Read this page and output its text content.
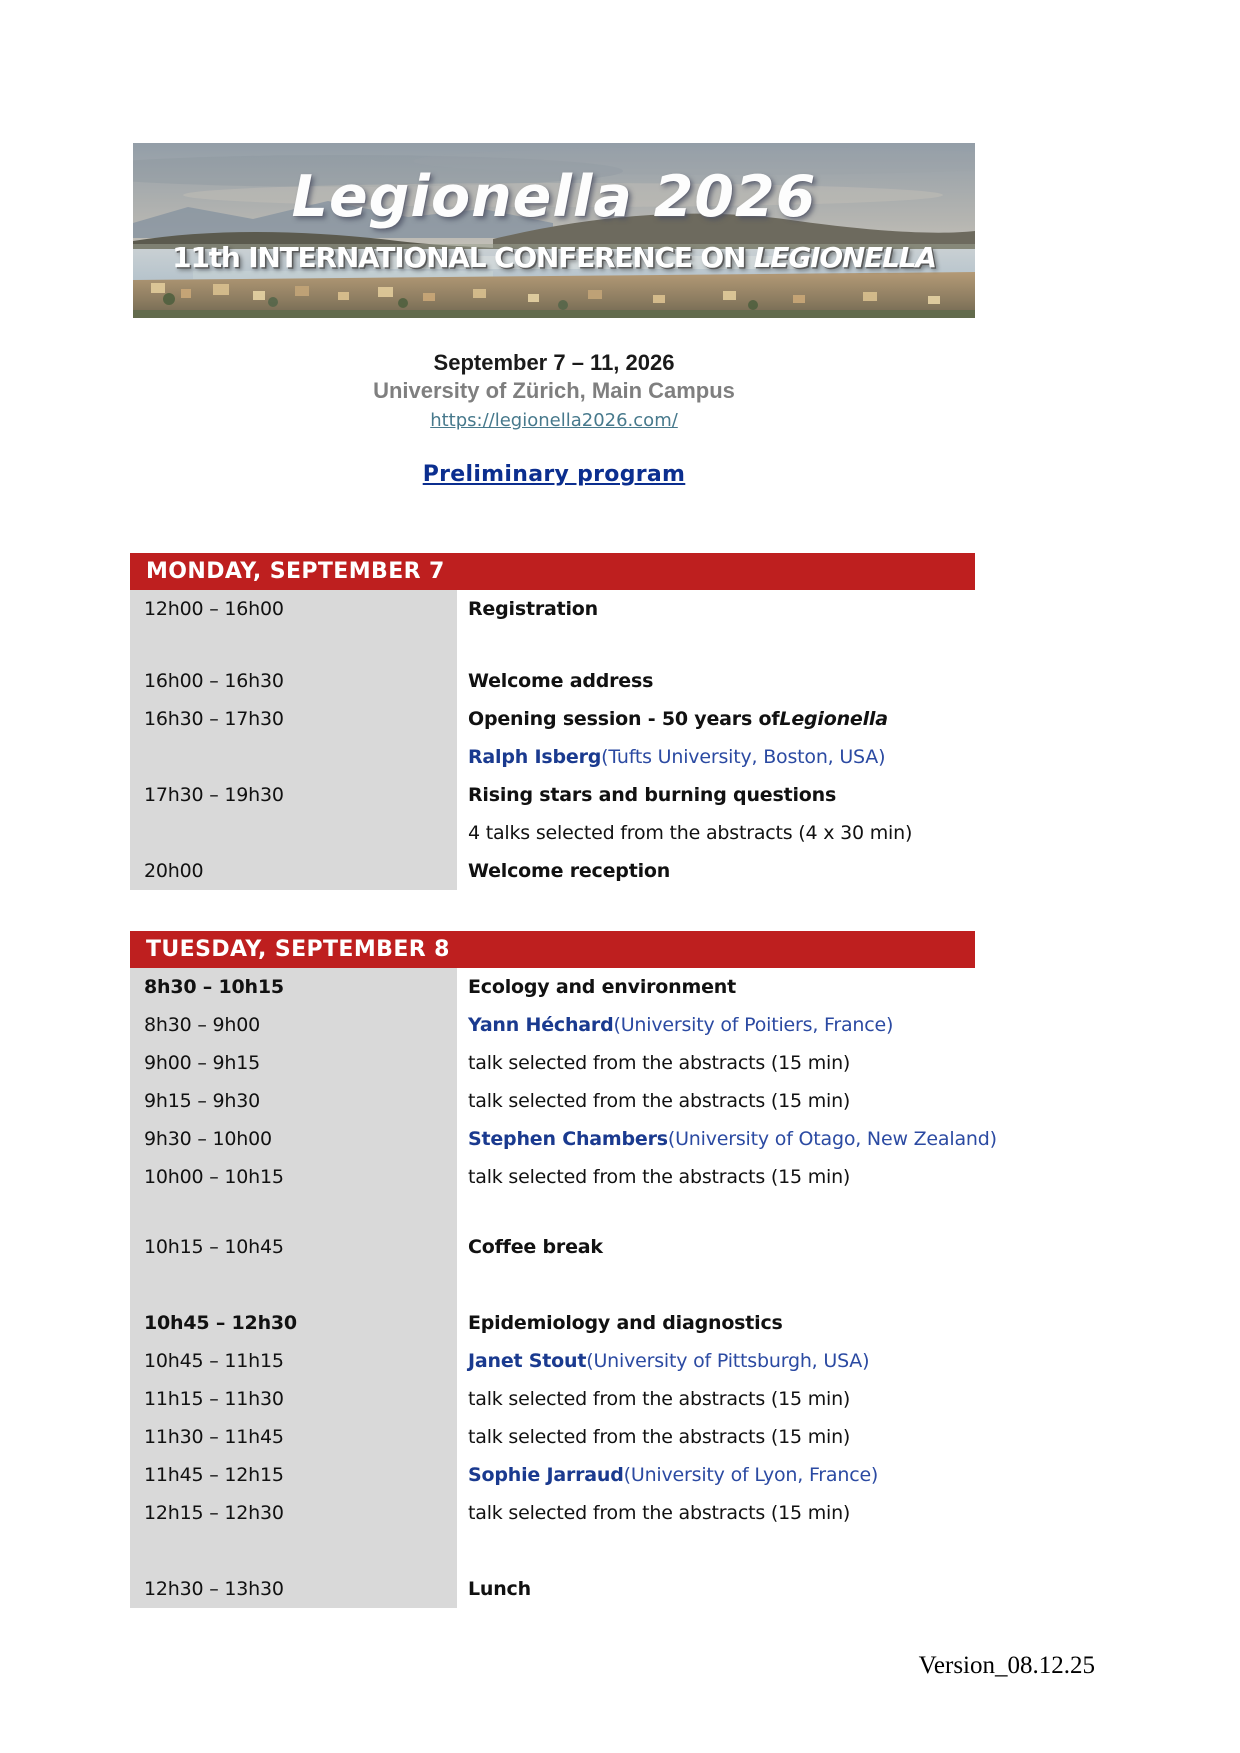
Legionella 2026
11th INTERNATIONAL CONFERENCE ON LEGIONELLA
September 7 – 11, 2026
University of Zürich, Main Campus
https://legionella2026.com/
Preliminary program
MONDAY, SEPTEMBER 7
12h00 – 16h00	Registration
16h00 – 16h30	Welcome address
16h30 – 17h30	Opening session - 50 years of Legionella
Ralph Isberg (Tufts University, Boston, USA)
17h30 – 19h30	Rising stars and burning questions
4 talks selected from the abstracts (4 x 30 min)
20h00	Welcome reception
TUESDAY, SEPTEMBER 8
8h30 – 10h15	Ecology and environment
8h30 – 9h00	Yann Héchard (University of Poitiers, France)
9h00 – 9h15	talk selected from the abstracts (15 min)
9h15 – 9h30	talk selected from the abstracts (15 min)
9h30 – 10h00	Stephen Chambers (University of Otago, New Zealand)
10h00 – 10h15	talk selected from the abstracts (15 min)
10h15 – 10h45	Coffee break
10h45 – 12h30	Epidemiology and diagnostics
10h45 – 11h15	Janet Stout (University of Pittsburgh, USA)
11h15 – 11h30	talk selected from the abstracts (15 min)
11h30 – 11h45	talk selected from the abstracts (15 min)
11h45 – 12h15	Sophie Jarraud (University of Lyon, France)
12h15 – 12h30	talk selected from the abstracts (15 min)
12h30 – 13h30	Lunch
Version_08.12.25
